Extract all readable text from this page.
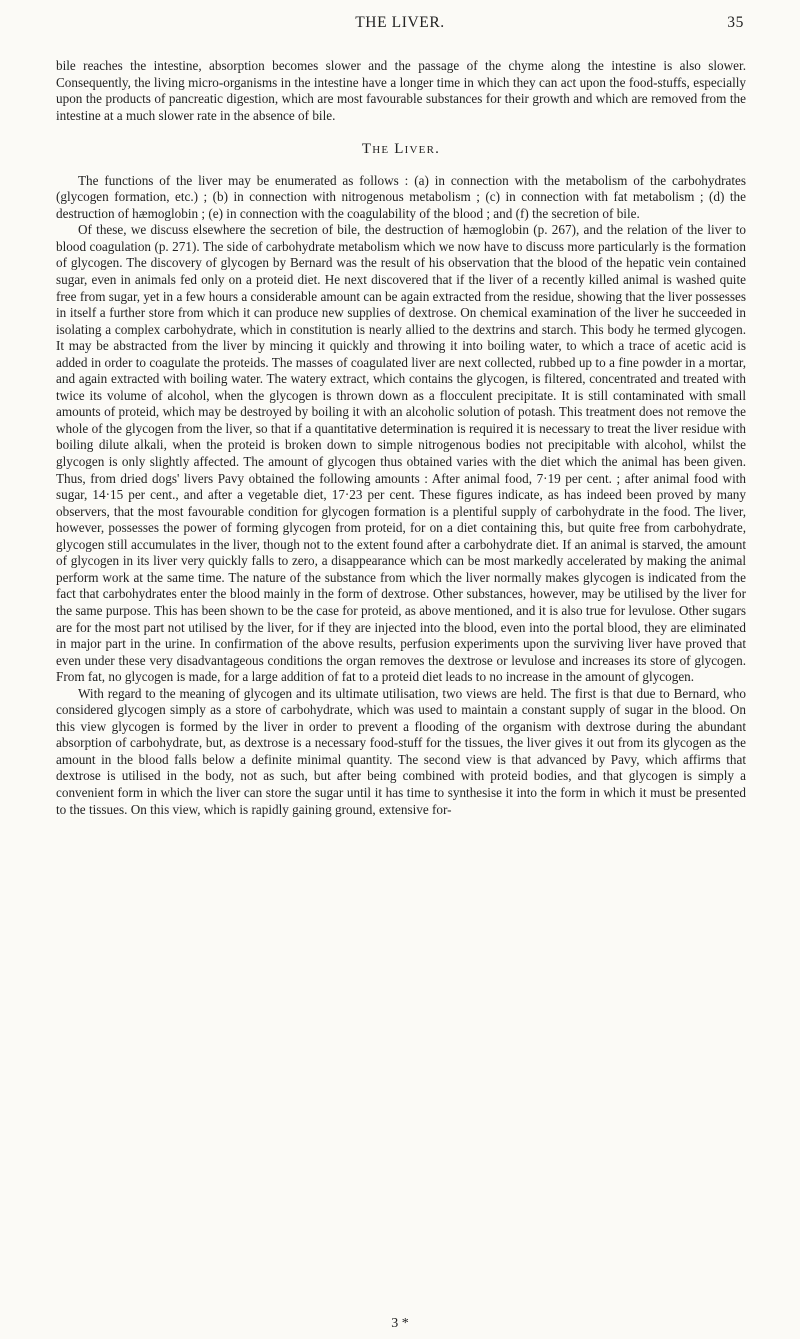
THE LIVER.	35

bile reaches the intestine, absorption becomes slower and the passage of the chyme along the intestine is also slower. Consequently, the living micro-organisms in the intestine have a longer time in which they can act upon the food-stuffs, especially upon the products of pancreatic digestion, which are most favourable substances for their growth and which are removed from the intestine at a much slower rate in the absence of bile.

The Liver.

The functions of the liver may be enumerated as follows : (a) in connection with the metabolism of the carbohydrates (glycogen formation, etc.) ; (b) in connection with nitrogenous metabolism ; (c) in connection with fat metabolism ; (d) the destruction of hæmoglobin ; (e) in connection with the coagulability of the blood ; and (f) the secretion of bile.

Of these, we discuss elsewhere the secretion of bile, the destruction of hæmoglobin (p. 267), and the relation of the liver to blood coagulation (p. 271). The side of carbohydrate metabolism which we now have to discuss more particularly is the formation of glycogen. The discovery of glycogen by Bernard was the result of his observation that the blood of the hepatic vein contained sugar, even in animals fed only on a proteid diet. He next discovered that if the liver of a recently killed animal is washed quite free from sugar, yet in a few hours a considerable amount can be again extracted from the residue, showing that the liver possesses in itself a further store from which it can produce new supplies of dextrose. On chemical examination of the liver he succeeded in isolating a complex carbohydrate, which in constitution is nearly allied to the dextrins and starch. This body he termed glycogen. It may be abstracted from the liver by mincing it quickly and throwing it into boiling water, to which a trace of acetic acid is added in order to coagulate the proteids. The masses of coagulated liver are next collected, rubbed up to a fine powder in a mortar, and again extracted with boiling water. The watery extract, which contains the glycogen, is filtered, concentrated and treated with twice its volume of alcohol, when the glycogen is thrown down as a flocculent precipitate. It is still contaminated with small amounts of proteid, which may be destroyed by boiling it with an alcoholic solution of potash. This treatment does not remove the whole of the glycogen from the liver, so that if a quantitative determination is required it is necessary to treat the liver residue with boiling dilute alkali, when the proteid is broken down to simple nitrogenous bodies not precipitable with alcohol, whilst the glycogen is only slightly affected. The amount of glycogen thus obtained varies with the diet which the animal has been given. Thus, from dried dogs' livers Pavy obtained the following amounts : After animal food, 7·19 per cent. ; after animal food with sugar, 14·15 per cent., and after a vegetable diet, 17·23 per cent. These figures indicate, as has indeed been proved by many observers, that the most favourable condition for glycogen formation is a plentiful supply of carbohydrate in the food. The liver, however, possesses the power of forming glycogen from proteid, for on a diet containing this, but quite free from carbohydrate, glycogen still accumulates in the liver, though not to the extent found after a carbohydrate diet. If an animal is starved, the amount of glycogen in its liver very quickly falls to zero, a disappearance which can be most markedly accelerated by making the animal perform work at the same time. The nature of the substance from which the liver normally makes glycogen is indicated from the fact that carbohydrates enter the blood mainly in the form of dextrose. Other substances, however, may be utilised by the liver for the same purpose. This has been shown to be the case for proteid, as above mentioned, and it is also true for levulose. Other sugars are for the most part not utilised by the liver, for if they are injected into the blood, even into the portal blood, they are eliminated in major part in the urine. In confirmation of the above results, perfusion experiments upon the surviving liver have proved that even under these very disadvantageous conditions the organ removes the dextrose or levulose and increases its store of glycogen. From fat, no glycogen is made, for a large addition of fat to a proteid diet leads to no increase in the amount of glycogen.

With regard to the meaning of glycogen and its ultimate utilisation, two views are held. The first is that due to Bernard, who considered glycogen simply as a store of carbohydrate, which was used to maintain a constant supply of sugar in the blood. On this view glycogen is formed by the liver in order to prevent a flooding of the organism with dextrose during the abundant absorption of carbohydrate, but, as dextrose is a necessary food-stuff for the tissues, the liver gives it out from its glycogen as the amount in the blood falls below a definite minimal quantity. The second view is that advanced by Pavy, which affirms that dextrose is utilised in the body, not as such, but after being combined with proteid bodies, and that glycogen is simply a convenient form in which the liver can store the sugar until it has time to synthesise it into the form in which it must be presented to the tissues. On this view, which is rapidly gaining ground, extensive for-

3 *
